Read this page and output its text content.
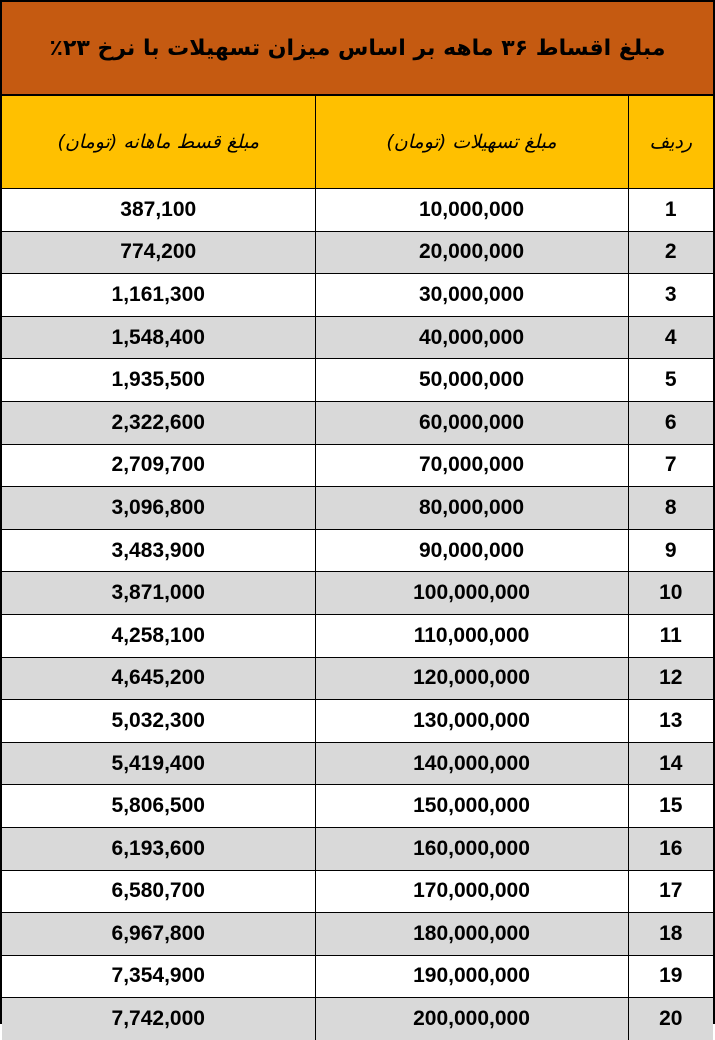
مبلغ اقساط ۳۶ ماهه بر اساس میزان تسهیلات با نرخ ۲۳٪
مبلغ قسط ماهانه (تومان)	مبلغ تسهیلات (تومان)	ردیف
387,100	10,000,000	1
774,200	20,000,000	2
1,161,300	30,000,000	3
1,548,400	40,000,000	4
1,935,500	50,000,000	5
2,322,600	60,000,000	6
2,709,700	70,000,000	7
3,096,800	80,000,000	8
3,483,900	90,000,000	9
3,871,000	100,000,000	10
4,258,100	110,000,000	11
4,645,200	120,000,000	12
5,032,300	130,000,000	13
5,419,400	140,000,000	14
5,806,500	150,000,000	15
6,193,600	160,000,000	16
6,580,700	170,000,000	17
6,967,800	180,000,000	18
7,354,900	190,000,000	19
7,742,000	200,000,000	20
